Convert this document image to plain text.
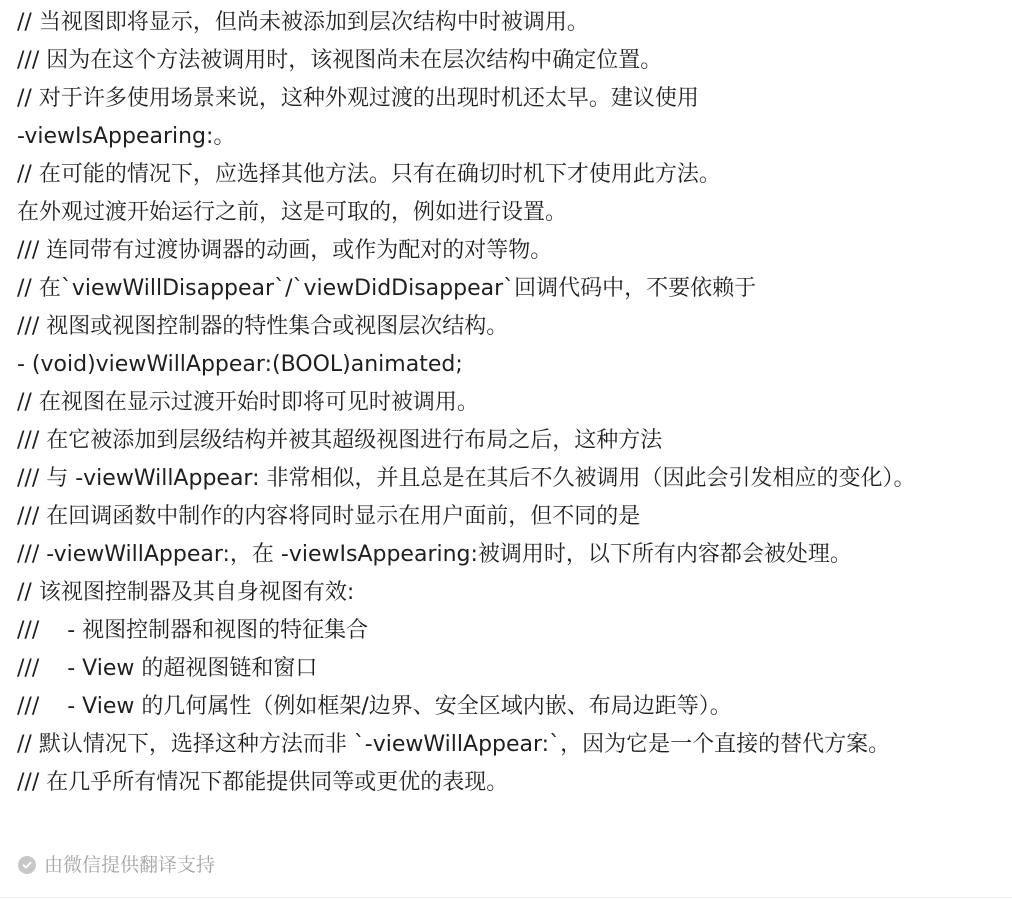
// 当视图即将显示，但尚未被添加到层次结构中时被调用。
/// 因为在这个方法被调用时，该视图尚未在层次结构中确定位置。
// 对于许多使用场景来说，这种外观过渡的出现时机还太早。建议使用
-viewIsAppearing:。
// 在可能的情况下，应选择其他方法。只有在确切时机下才使用此方法。
在外观过渡开始运行之前，这是可取的，例如进行设置。
/// 连同带有过渡协调器的动画，或作为配对的对等物。
// 在`viewWillDisappear`/`viewDidDisappear`回调代码中，不要依赖于
/// 视图或视图控制器的特性集合或视图层次结构。
- (void)viewWillAppear:(BOOL)animated;
// 在视图在显示过渡开始时即将可见时被调用。
/// 在它被添加到层级结构并被其超级视图进行布局之后，这种方法
/// 与 -viewWillAppear: 非常相似，并且总是在其后不久被调用（因此会引发相应的变化）。
/// 在回调函数中制作的内容将同时显示在用户面前，但不同的是
/// -viewWillAppear:，在 -viewIsAppearing:被调用时，以下所有内容都会被处理。
// 该视图控制器及其自身视图有效:
///    - 视图控制器和视图的特征集合
///    - View 的超视图链和窗口
///    - View 的几何属性（例如框架/边界、安全区域内嵌、布局边距等）。
// 默认情况下，选择这种方法而非 `-viewWillAppear:`，因为它是一个直接的替代方案。
/// 在几乎所有情况下都能提供同等或更优的表现。
由微信提供翻译支持
